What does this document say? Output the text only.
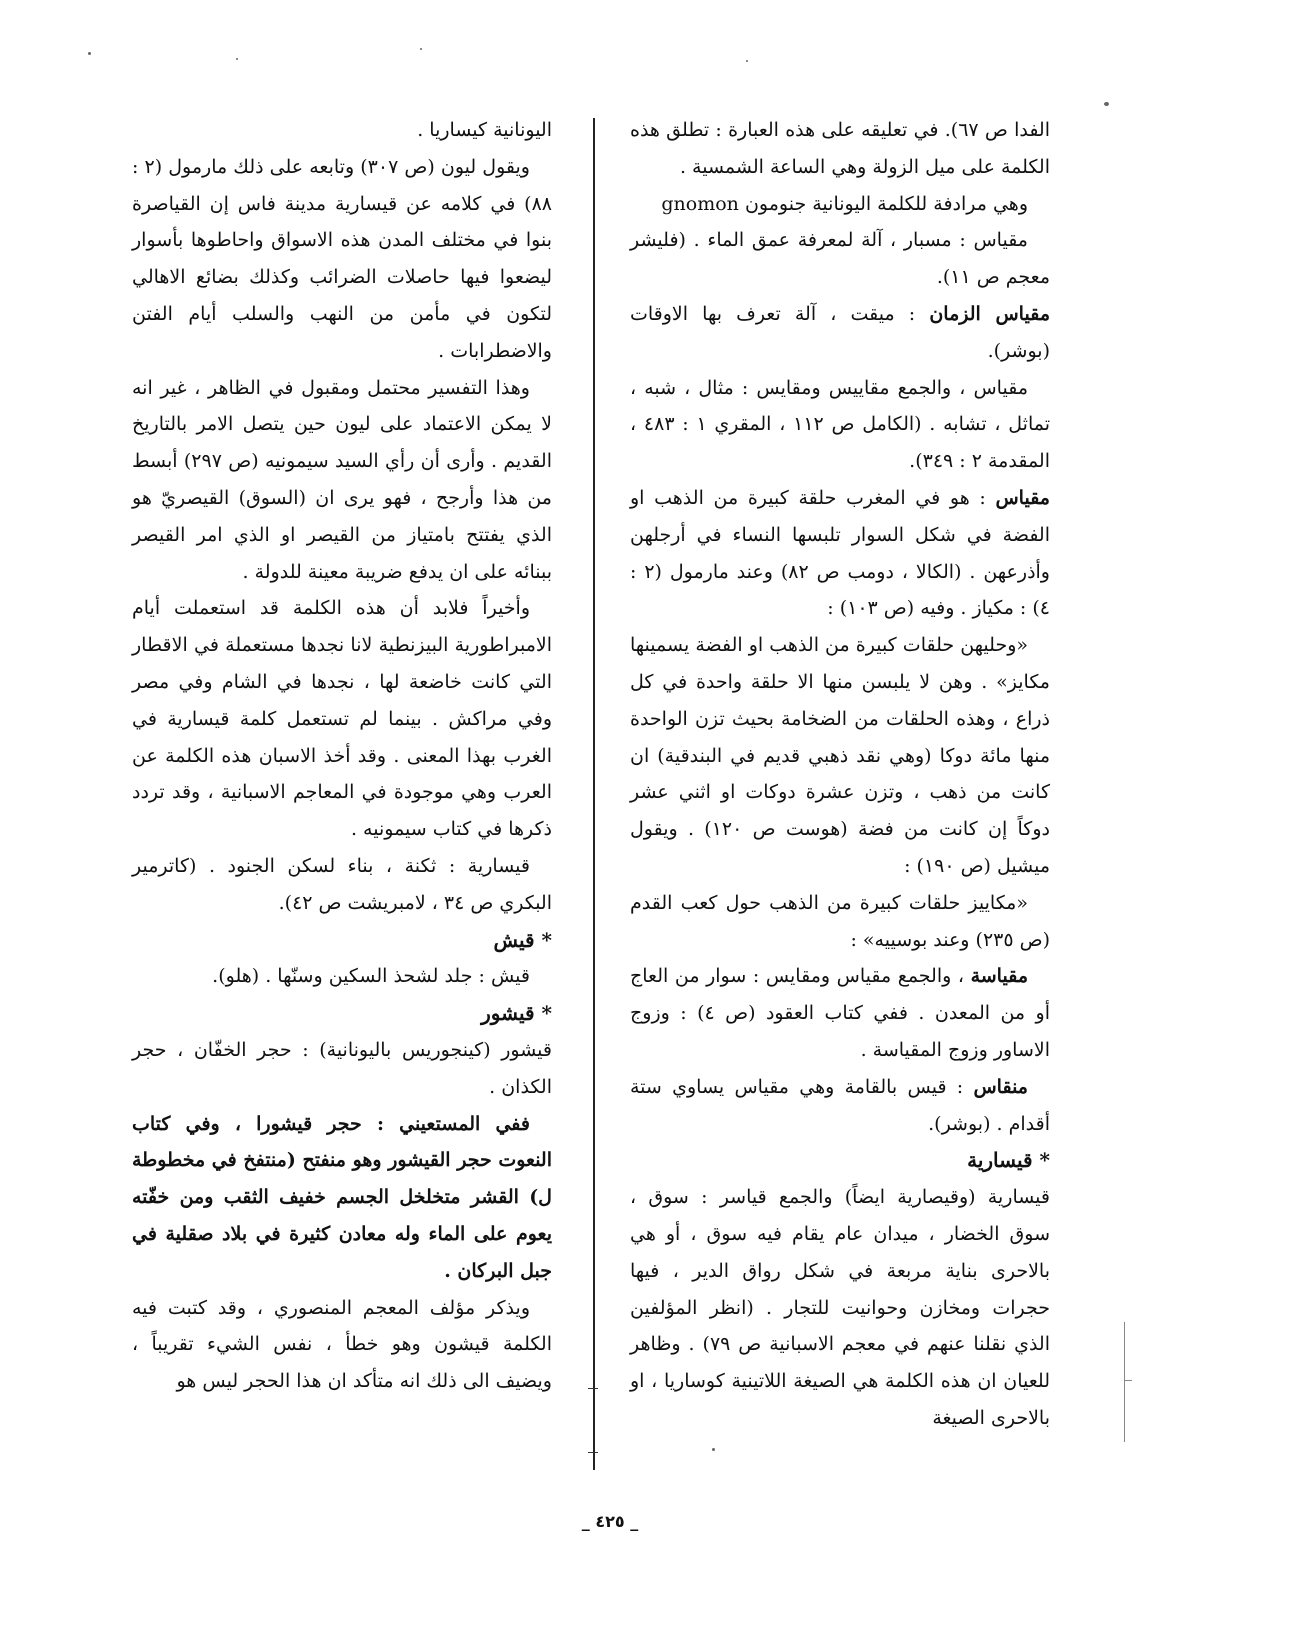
الفدا ص ٦٧). في تعليقه على هذه العبارة : تطلق هذه الكلمة على ميل الزولة وهي الساعة الشمسية .

وهي مرادفة للكلمة اليونانية جنومون gnomon

مقياس : مسبار ، آلة لمعرفة عمق الماء . (فليشر معجم ص ١١).

مقياس الزمان : ميقت ، آلة تعرف بها الاوقات (بوشر).

مقياس ، والجمع مقاييس ومقايس : مثال ، شبه ، تماثل ، تشابه . (الكامل ص ١١٢ ، المقري ١ : ٤٨٣ ، المقدمة ٢ : ٣٤٩).

مقياس : هو في المغرب حلقة كبيرة من الذهب او الفضة في شكل السوار تلبسها النساء في أرجلهن وأذرعهن . (الكالا ، دومب ص ٨٢) وعند مارمول (٢ : ٤) : مكياز . وفيه (ص ١٠٣) :

«وحليهن حلقات كبيرة من الذهب او الفضة يسمينها مكايز» . وهن لا يلبسن منها الا حلقة واحدة في كل ذراع ، وهذه الحلقات من الضخامة بحيث تزن الواحدة منها مائة دوكا (وهي نقد ذهبي قديم في البندقية) ان كانت من ذهب ، وتزن عشرة دوكات او اثني عشر دوكاً إن كانت من فضة (هوست ص ١٢٠) . ويقول ميشيل (ص ١٩٠) :

«مكاييز حلقات كبيرة من الذهب حول كعب القدم (ص ٢٣٥) وعند بوسييه» :

مقياسة ، والجمع مقياس ومقايس : سوار من العاج أو من المعدن . ففي كتاب العقود (ص ٤) : وزوج الاساور وزوج المقياسة .

منقاس : قيس بالقامة وهي مقياس يساوي ستة أقدام . (بوشر).

* قيسارية

قيسارية (وقيصارية ايضاً) والجمع قياسر : سوق ، سوق الخضار ، ميدان عام يقام فيه سوق ، أو هي بالاحرى بناية مربعة في شكل رواق الدير ، فيها حجرات ومخازن وحوانيت للتجار . (انظر المؤلفين الذي نقلنا عنهم في معجم الاسبانية ص ٧٩) . وظاهر للعيان ان هذه الكلمة هي الصيغة اللاتينية كوساريا ، او بالاحرى الصيغة

اليونانية كيساريا .

ويقول ليون (ص ٣٠٧) وتابعه على ذلك مارمول (٢ : ٨٨) في كلامه عن قيسارية مدينة فاس إن القياصرة بنوا في مختلف المدن هذه الاسواق واحاطوها بأسوار ليضعوا فيها حاصلات الضرائب وكذلك بضائع الاهالي لتكون في مأمن من النهب والسلب أيام الفتن والاضطرابات .

وهذا التفسير محتمل ومقبول في الظاهر ، غير انه لا يمكن الاعتماد على ليون حين يتصل الامر بالتاريخ القديم . وأرى أن رأي السيد سيمونيه (ص ٢٩٧) أبسط من هذا وأرجح ، فهو يرى ان (السوق) القيصريّ هو الذي يفتتح بامتياز من القيصر او الذي امر القيصر ببنائه على ان يدفع ضريبة معينة للدولة .

وأخيراً فلابد أن هذه الكلمة قد استعملت أيام الامبراطورية البيزنطية لانا نجدها مستعملة في الاقطار التي كانت خاضعة لها ، نجدها في الشام وفي مصر وفي مراكش . بينما لم تستعمل كلمة قيسارية في الغرب بهذا المعنى . وقد أخذ الاسبان هذه الكلمة عن العرب وهي موجودة في المعاجم الاسبانية ، وقد تردد ذكرها في كتاب سيمونيه .

قيسارية : ثكنة ، بناء لسكن الجنود . (كاترمير البكري ص ٣٤ ، لامبريشت ص ٤٢).

* قيش

قيش : جلد لشحذ السكين وسنّها . (هلو).

* قيشور

قيشور (كينجوريس باليونانية) : حجر الخفّان ، حجر الكذان .

ففي المستعيني : حجر قيشورا ، وفي كتاب النعوت حجر القيشور وهو منفتح (منتفخ في مخطوطة ل) القشر متخلخل الجسم خفيف الثقب ومن خفّته يعوم على الماء وله معادن كثيرة في بلاد صقلية في جبل البركان .

ويذكر مؤلف المعجم المنصوري ، وقد كتبت فيه الكلمة قيشون وهو خطأ ، نفس الشيء تقريباً ، ويضيف الى ذلك انه متأكد ان هذا الحجر ليس هو

_ ٤٢٥ _
